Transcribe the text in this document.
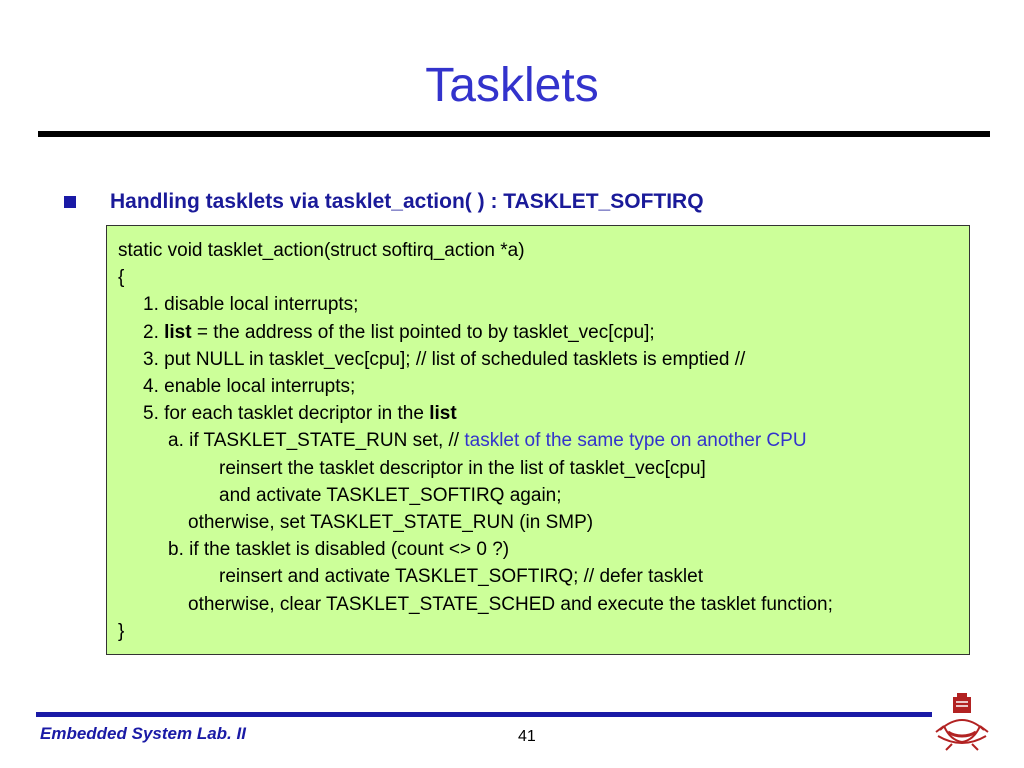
Tasklets
Handling tasklets via tasklet_action( ) : TASKLET_SOFTIRQ
static void tasklet_action(struct softirq_action *a)
{
1. disable local interrupts;
2. list = the address of the list pointed to by tasklet_vec[cpu];
3. put NULL in tasklet_vec[cpu]; // list of scheduled tasklets is emptied //
4. enable local interrupts;
5. for each tasklet decriptor in the list
a. if TASKLET_STATE_RUN set, // tasklet of the same type on another CPU
reinsert the tasklet descriptor in the list of tasklet_vec[cpu]
and activate TASKLET_SOFTIRQ again;
otherwise, set TASKLET_STATE_RUN (in SMP)
b. if the tasklet is disabled (count <> 0 ?)
reinsert and activate TASKLET_SOFTIRQ; // defer tasklet
otherwise, clear TASKLET_STATE_SCHED and execute the tasklet function;
}
Embedded System Lab. II	41
